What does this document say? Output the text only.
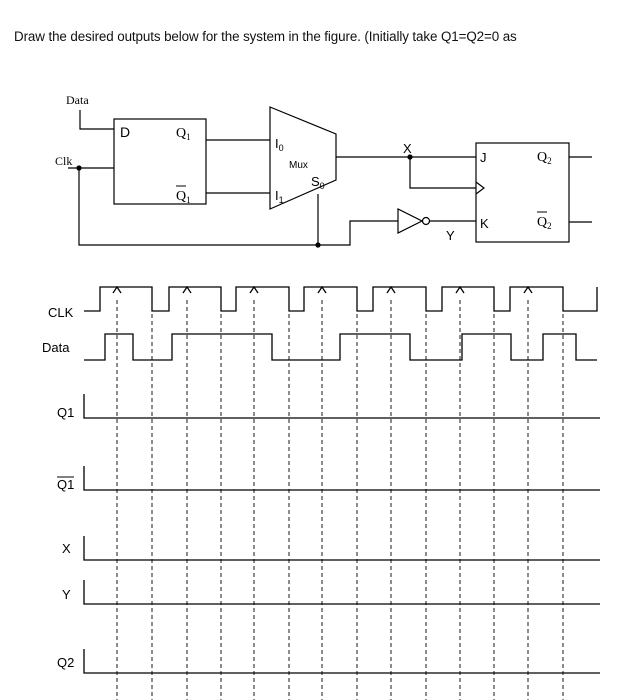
Draw the desired outputs below for the system in the figure. (Initially take Q1=Q2=0 as
Data
Clk
D	$Q_1$
$Q_1$
$I_0$
Mux
$S_0$
$I_1$
X
Y
J
K
$Q_2$
$Q_2$
CLK
Data
Q1
Q1
X
Y
Q2
